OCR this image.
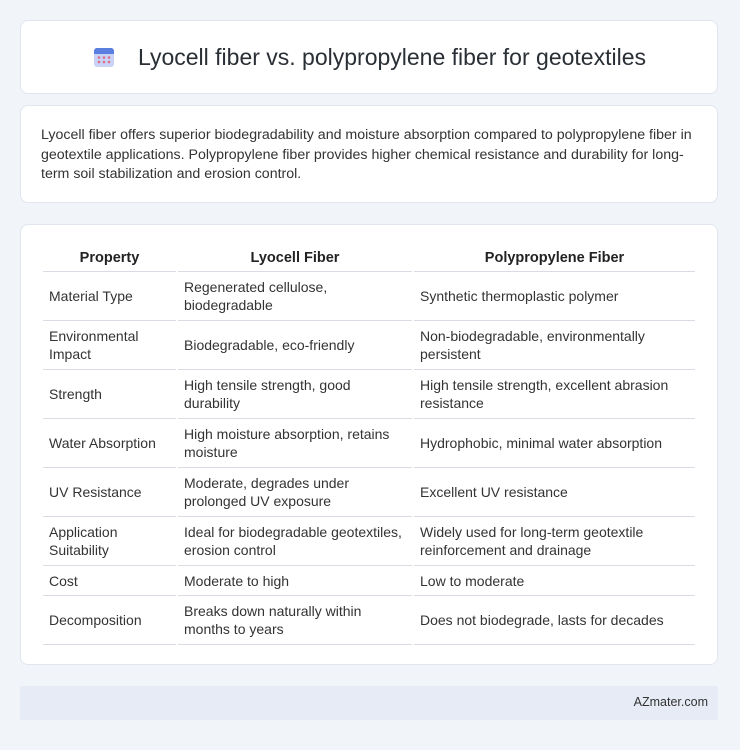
Lyocell fiber vs. polypropylene fiber for geotextiles

Lyocell fiber offers superior biodegradability and moisture absorption compared to polypropylene fiber in geotextile applications. Polypropylene fiber provides higher chemical resistance and durability for long-term soil stabilization and erosion control.

Property	Lyocell Fiber	Polypropylene Fiber
Material Type	Regenerated cellulose, biodegradable	Synthetic thermoplastic polymer
Environmental Impact	Biodegradable, eco-friendly	Non-biodegradable, environmentally persistent
Strength	High tensile strength, good durability	High tensile strength, excellent abrasion resistance
Water Absorption	High moisture absorption, retains moisture	Hydrophobic, minimal water absorption
UV Resistance	Moderate, degrades under prolonged UV exposure	Excellent UV resistance
Application Suitability	Ideal for biodegradable geotextiles, erosion control	Widely used for long-term geotextile reinforcement and drainage
Cost	Moderate to high	Low to moderate
Decomposition	Breaks down naturally within months to years	Does not biodegrade, lasts for decades
AZmater.com
